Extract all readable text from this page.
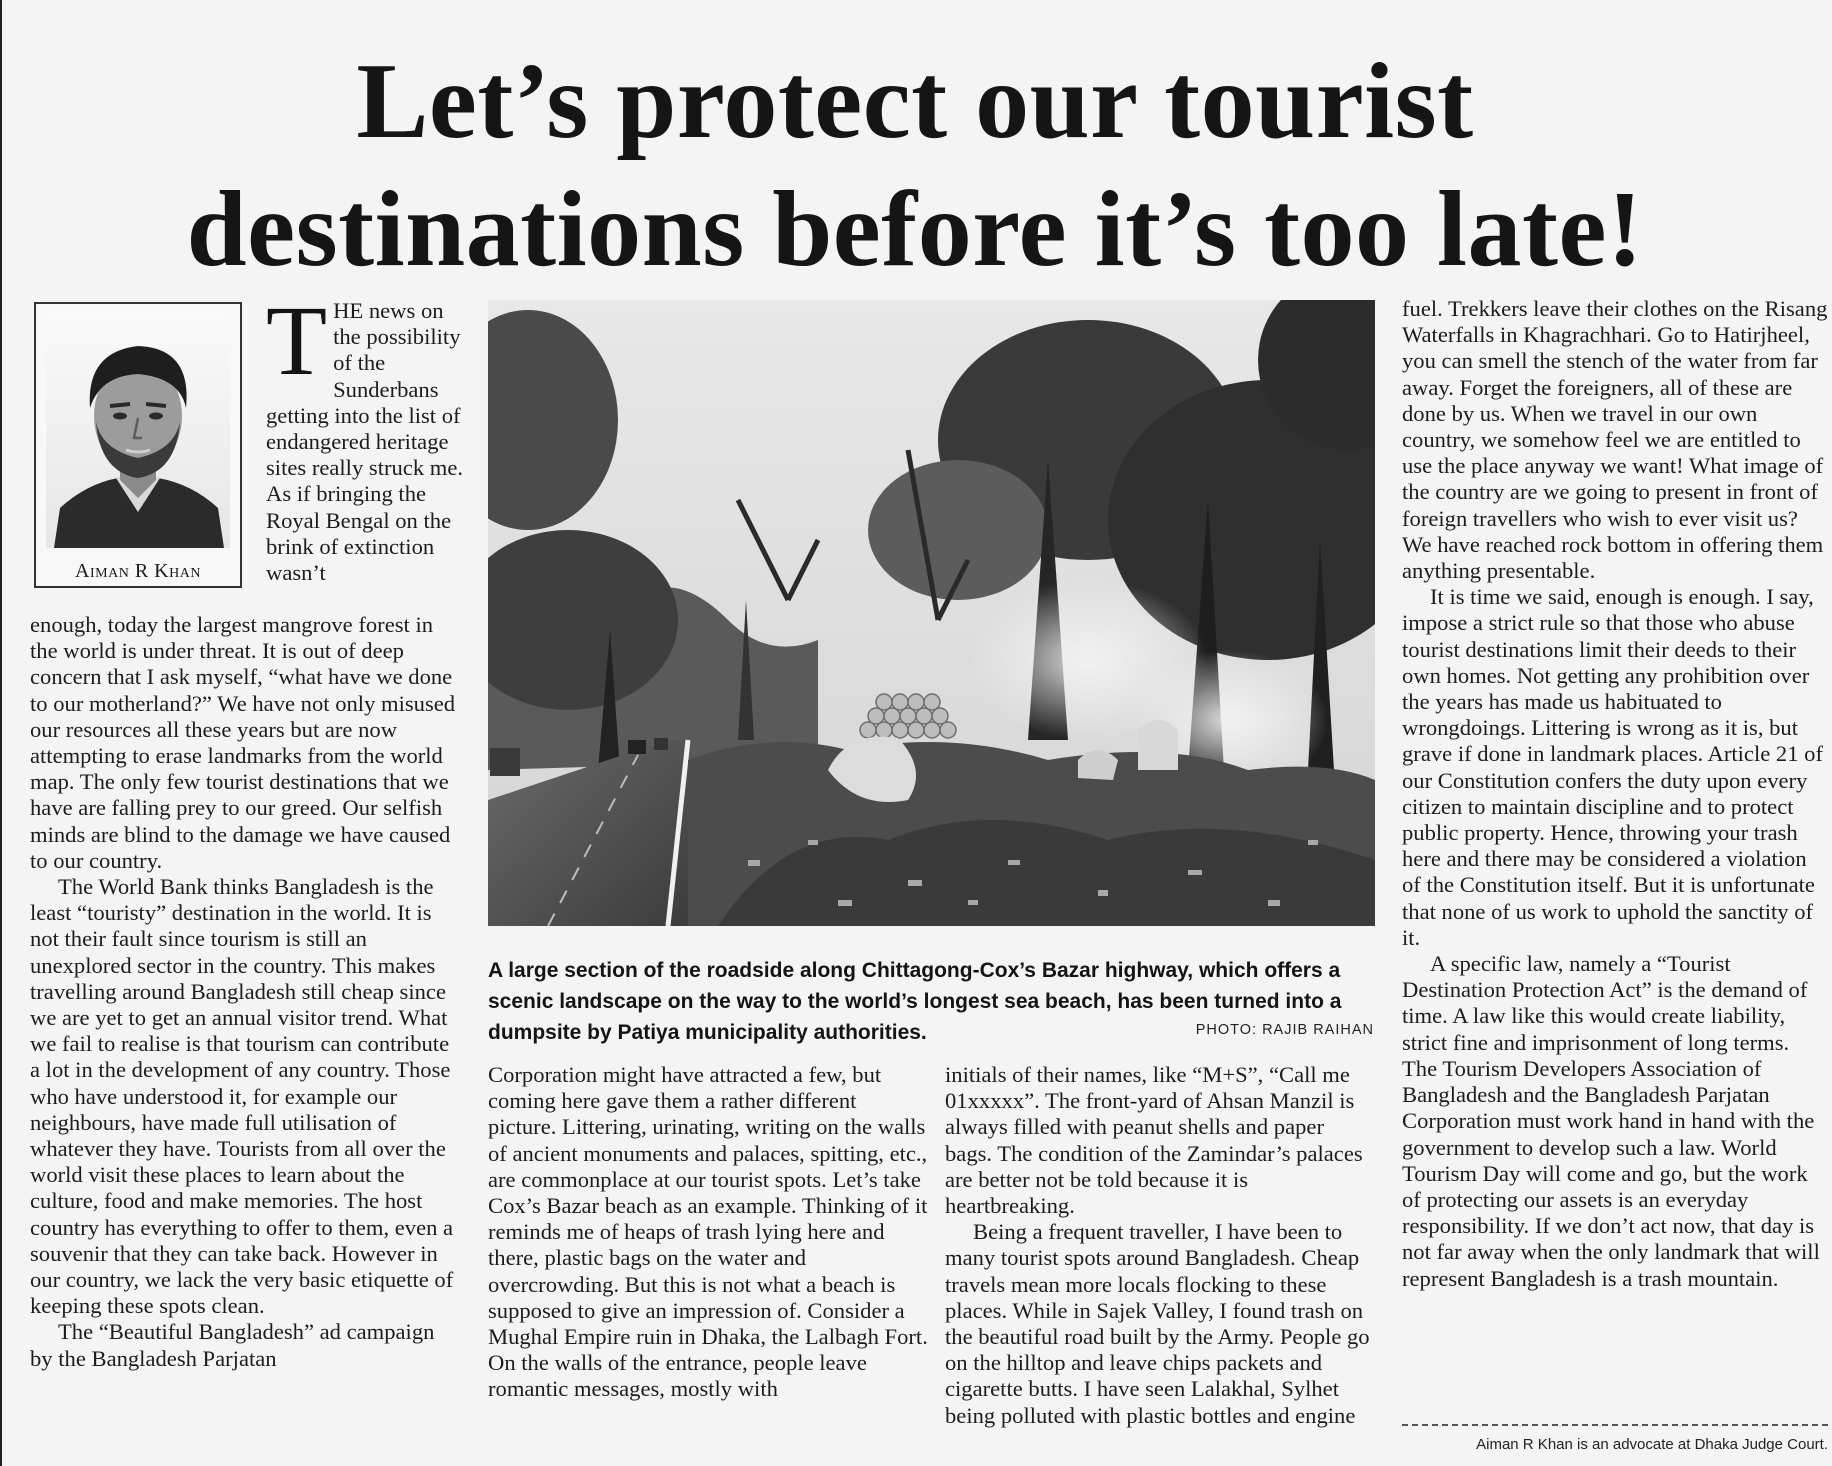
Let’s protect our tourist
destinations before it’s too late!
Aiman R Khan
T HE news on the possibility of the Sunderbans getting into the list of endangered heritage sites really struck me. As if bringing the Royal Bengal on the brink of extinction wasn’t

enough, today the largest mangrove forest in the world is under threat. It is out of deep concern that I ask myself, “what have we done to our motherland?” We have not only misused our resources all these years but are now attempting to erase landmarks from the world map. The only few tourist destinations that we have are falling prey to our greed. Our selfish minds are blind to the damage we have caused to our country.

The World Bank thinks Bangladesh is the least “touristy” destination in the world. It is not their fault since tourism is still an unexplored sector in the country. This makes travelling around Bangladesh still cheap since we are yet to get an annual visitor trend. What we fail to realise is that tourism can contribute a lot in the development of any country. Those who have understood it, for example our neighbours, have made full utilisation of whatever they have. Tourists from all over the world visit these places to learn about the culture, food and make memories. The host country has everything to offer to them, even a souvenir that they can take back. However in our country, we lack the very basic etiquette of keeping these spots clean.

The “Beautiful Bangladesh” ad campaign by the Bangladesh Parjatan

A large section of the roadside along Chittagong-Cox’s Bazar highway, which offers a scenic landscape on the way to the world’s longest sea beach, has been turned into a dumpsite by Patiya municipality authorities.	PHOTO: RAJIB RAIHAN

Corporation might have attracted a few, but coming here gave them a rather different picture. Littering, urinating, writing on the walls of ancient monuments and palaces, spitting, etc., are commonplace at our tourist spots. Let’s take Cox’s Bazar beach as an example. Thinking of it reminds me of heaps of trash lying here and there, plastic bags on the water and overcrowding. But this is not what a beach is supposed to give an impression of. Consider a Mughal Empire ruin in Dhaka, the Lalbagh Fort. On the walls of the entrance, people leave romantic messages, mostly with

initials of their names, like “M+S”, “Call me 01xxxxx”. The front-yard of Ahsan Manzil is always filled with peanut shells and paper bags. The condition of the Zamindar’s palaces are better not be told because it is heartbreaking.

Being a frequent traveller, I have been to many tourist spots around Bangladesh. Cheap travels mean more locals flocking to these places. While in Sajek Valley, I found trash on the beautiful road built by the Army. People go on the hilltop and leave chips packets and cigarette butts. I have seen Lalakhal, Sylhet being polluted with plastic bottles and engine

fuel. Trekkers leave their clothes on the Risang Waterfalls in Khagrachhari. Go to Hatirjheel, you can smell the stench of the water from far away. Forget the foreigners, all of these are done by us. When we travel in our own country, we somehow feel we are entitled to use the place anyway we want! What image of the country are we going to present in front of foreign travellers who wish to ever visit us? We have reached rock bottom in offering them anything presentable.

It is time we said, enough is enough. I say, impose a strict rule so that those who abuse tourist destinations limit their deeds to their own homes. Not getting any prohibition over the years has made us habituated to wrongdoings. Littering is wrong as it is, but grave if done in landmark places. Article 21 of our Constitution confers the duty upon every citizen to maintain discipline and to protect public property. Hence, throwing your trash here and there may be considered a violation of the Constitution itself. But it is unfortunate that none of us work to uphold the sanctity of it.

A specific law, namely a “Tourist Destination Protection Act” is the demand of time. A law like this would create liability, strict fine and imprisonment of long terms. The Tourism Developers Association of Bangladesh and the Bangladesh Parjatan Corporation must work hand in hand with the government to develop such a law. World Tourism Day will come and go, but the work of protecting our assets is an everyday responsibility. If we don’t act now, that day is not far away when the only landmark that will represent Bangladesh is a trash mountain.

Aiman R Khan is an advocate at Dhaka Judge Court.
